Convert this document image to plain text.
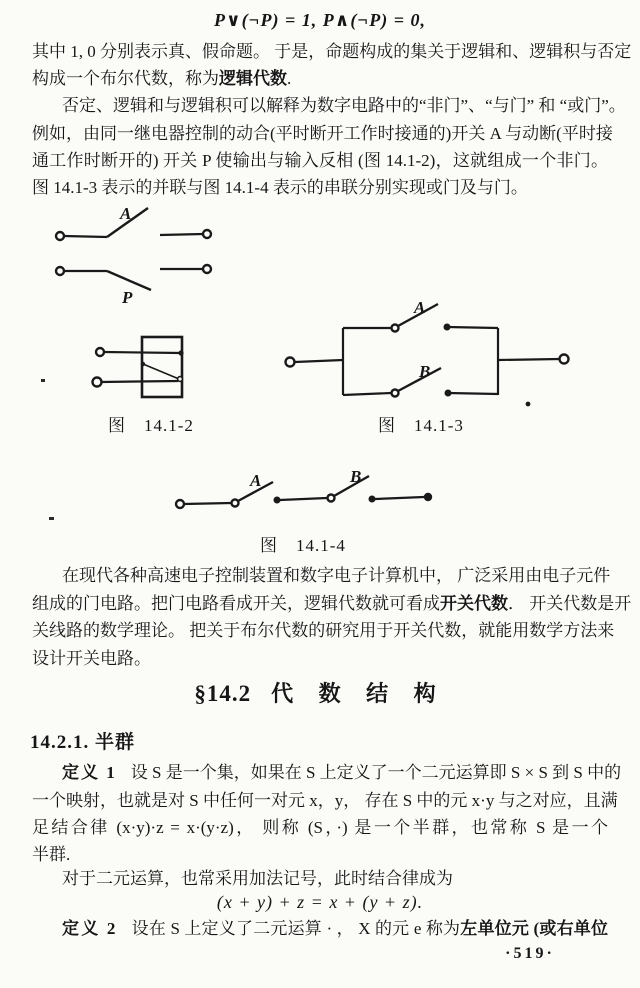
P∨(¬P) = 1, P∧(¬P) = 0,
其中 1, 0 分别表示真、假命题。 于是，命题构成的集关于逻辑和、逻辑积与否定
构成一个布尔代数，称为逻辑代数.
否定、逻辑和与逻辑积可以解释为数字电路中的“非门”、“与门” 和 “或门”。
例如，由同一继电器控制的动合(平时断开工作时接通的)开关 A 与动断(平时接
通工作时断开的) 开关 P 使输出与输入反相 (图 14.1-2)，这就组成一个非门。
图 14.1-3 表示的并联与图 14.1-4 表示的串联分别实现或门及与门。
A
P
图　14.1-2
A
B
图　14.1-3
A	B
图　14.1-4
在现代各种高速电子控制装置和数字电子计算机中， 广泛采用由电子元件
组成的门电路。把门电路看成开关，逻辑代数就可看成开关代数． 开关代数是开
关线路的数学理论。 把关于布尔代数的研究用于开关代数，就能用数学方法来
设计开关电路。
§14.2 代 数 结 构
14.2.1. 半群
定义 1 设 S 是一个集，如果在 S 上定义了一个二元运算即 S × S 到 S 中的
一个映射，也就是对 S 中任何一对元 x，y， 存在 S 中的元 x·y 与之对应，且满
足结合律 (x·y)·z = x·(y·z)， 则称 (S，·) 是一个半群，也常称 S 是一个
半群.
对于二元运算，也常采用加法记号，此时结合律成为
(x + y) + z = x + (y + z).
定义 2 设在 S 上定义了二元运算 · ， X 的元 e 称为左单位元 (或右单位
·519·
